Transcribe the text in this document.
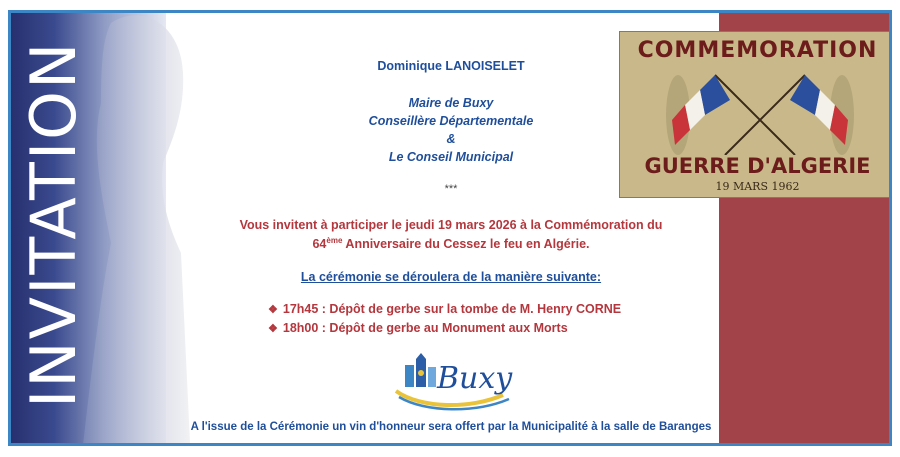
INVITATION	Dominique LANOISELET
Maire de Buxy
Conseillère Départementale
&
Le Conseil Municipal
***
Vous invitent à participer le jeudi 19 mars 2026 à la Commémoration du
64ème Anniversaire du Cessez le feu en Algérie.
La cérémonie se déroulera de la manière suivante:
❖ 17h45 : Dépôt de gerbe sur la tombe de M. Henry CORNE
❖ 18h00 : Dépôt de gerbe au Monument aux Morts
Buxy
A l'issue de la Cérémonie un vin d'honneur sera offert par la Municipalité à la salle de Baranges
COMMEMORATION
GUERRE D'ALGERIE
19 MARS 1962
